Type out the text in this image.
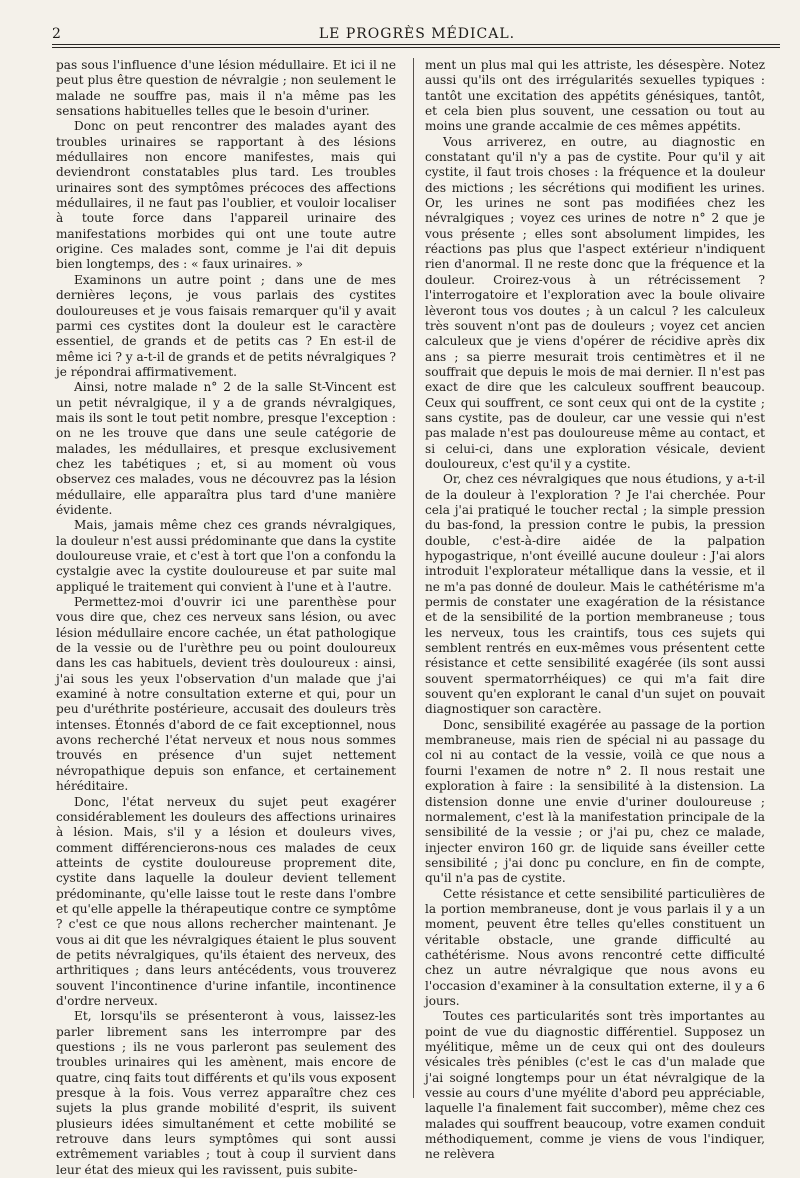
2	LE PROGRÈS MÉDICAL.

pas sous l'influence d'une lésion médullaire. Et ici il ne peut plus être question de névralgie ; non seulement le malade ne souffre pas, mais il n'a même pas les sensations habituelles telles que le besoin d'uriner.

Donc on peut rencontrer des malades ayant des troubles urinaires se rapportant à des lésions médullaires non encore manifestes, mais qui deviendront constatables plus tard. Les troubles urinaires sont des symptômes précoces des affections médullaires, il ne faut pas l'oublier, et vouloir localiser à toute force dans l'appareil urinaire des manifestations morbides qui ont une toute autre origine. Ces malades sont, comme je l'ai dit depuis bien longtemps, des : « faux urinaires. »

Examinons un autre point ; dans une de mes dernières leçons, je vous parlais des cystites douloureuses et je vous faisais remarquer qu'il y avait parmi ces cystites dont la douleur est le caractère essentiel, de grands et de petits cas ? En est-il de même ici ? y a-t-il de grands et de petits névralgiques ? je répondrai affirmativement.

Ainsi, notre malade n° 2 de la salle St-Vincent est un petit névralgique, il y a de grands névralgiques, mais ils sont le tout petit nombre, presque l'exception : on ne les trouve que dans une seule catégorie de malades, les médullaires, et presque exclusivement chez les tabétiques ; et, si au moment où vous observez ces malades, vous ne découvrez pas la lésion médullaire, elle apparaîtra plus tard d'une manière évidente.

Mais, jamais même chez ces grands névralgiques, la douleur n'est aussi prédominante que dans la cystite douloureuse vraie, et c'est à tort que l'on a confondu la cystalgie avec la cystite douloureuse et par suite mal appliqué le traitement qui convient à l'une et à l'autre.

Permettez-moi d'ouvrir ici une parenthèse pour vous dire que, chez ces nerveux sans lésion, ou avec lésion médullaire encore cachée, un état pathologique de la vessie ou de l'urèthre peu ou point douloureux dans les cas habituels, devient très douloureux : ainsi, j'ai sous les yeux l'observation d'un malade que j'ai examiné à notre consultation externe et qui, pour un peu d'uréthrite postérieure, accusait des douleurs très intenses. Étonnés d'abord de ce fait exceptionnel, nous avons recherché l'état nerveux et nous nous sommes trouvés en présence d'un sujet nettement névropathique depuis son enfance, et certainement héréditaire.

Donc, l'état nerveux du sujet peut exagérer considérablement les douleurs des affections urinaires à lésion. Mais, s'il y a lésion et douleurs vives, comment différencierons-nous ces malades de ceux atteints de cystite douloureuse proprement dite, cystite dans laquelle la douleur devient tellement prédominante, qu'elle laisse tout le reste dans l'ombre et qu'elle appelle la thérapeutique contre ce symptôme ? c'est ce que nous allons rechercher maintenant. Je vous ai dit que les névralgiques étaient le plus souvent de petits névralgiques, qu'ils étaient des nerveux, des arthritiques ; dans leurs antécédents, vous trouverez souvent l'incontinence d'urine infantile, incontinence d'ordre nerveux.

Et, lorsqu'ils se présenteront à vous, laissez-les parler librement sans les interrompre par des questions ; ils ne vous parleront pas seulement des troubles urinaires qui les amènent, mais encore de quatre, cinq faits tout différents et qu'ils vous exposent presque à la fois. Vous verrez apparaître chez ces sujets la plus grande mobilité d'esprit, ils suivent plusieurs idées simultanément et cette mobilité se retrouve dans leurs symptômes qui sont aussi extrêmement variables ; tout à coup il survient dans leur état des mieux qui les ravissent, puis subite-

ment un plus mal qui les attriste, les désespère. Notez aussi qu'ils ont des irrégularités sexuelles typiques : tantôt une excitation des appétits génésiques, tantôt, et cela bien plus souvent, une cessation ou tout au moins une grande accalmie de ces mêmes appétits.

Vous arriverez, en outre, au diagnostic en constatant qu'il n'y a pas de cystite. Pour qu'il y ait cystite, il faut trois choses : la fréquence et la douleur des mictions ; les sécrétions qui modifient les urines. Or, les urines ne sont pas modifiées chez les névralgiques ; voyez ces urines de notre n° 2 que je vous présente ; elles sont absolument limpides, les réactions pas plus que l'aspect extérieur n'indiquent rien d'anormal. Il ne reste donc que la fréquence et la douleur. Croirez-vous à un rétrécissement ? l'interrogatoire et l'exploration avec la boule olivaire lèveront tous vos doutes ; à un calcul ? les calculeux très souvent n'ont pas de douleurs ; voyez cet ancien calculeux que je viens d'opérer de récidive après dix ans ; sa pierre mesurait trois centimètres et il ne souffrait que depuis le mois de mai dernier. Il n'est pas exact de dire que les calculeux souffrent beaucoup. Ceux qui souffrent, ce sont ceux qui ont de la cystite ; sans cystite, pas de douleur, car une vessie qui n'est pas malade n'est pas douloureuse même au contact, et si celui-ci, dans une exploration vésicale, devient douloureux, c'est qu'il y a cystite.

Or, chez ces névralgiques que nous étudions, y a-t-il de la douleur à l'exploration ? Je l'ai cherchée. Pour cela j'ai pratiqué le toucher rectal ; la simple pression du bas-fond, la pression contre le pubis, la pression double, c'est-à-dire aidée de la palpation hypogastrique, n'ont éveillé aucune douleur : J'ai alors introduit l'explorateur métallique dans la vessie, et il ne m'a pas donné de douleur. Mais le cathétérisme m'a permis de constater une exagération de la résistance et de la sensibilité de la portion membraneuse ; tous les nerveux, tous les craintifs, tous ces sujets qui semblent rentrés en eux-mêmes vous présentent cette résistance et cette sensibilité exagérée (ils sont aussi souvent spermatorrhéiques) ce qui m'a fait dire souvent qu'en explorant le canal d'un sujet on pouvait diagnostiquer son caractère.

Donc, sensibilité exagérée au passage de la portion membraneuse, mais rien de spécial ni au passage du col ni au contact de la vessie, voilà ce que nous a fourni l'examen de notre n° 2. Il nous restait une exploration à faire : la sensibilité à la distension. La distension donne une envie d'uriner douloureuse ; normalement, c'est là la manifestation principale de la sensibilité de la vessie ; or j'ai pu, chez ce malade, injecter environ 160 gr. de liquide sans éveiller cette sensibilité ; j'ai donc pu conclure, en fin de compte, qu'il n'a pas de cystite.

Cette résistance et cette sensibilité particulières de la portion membraneuse, dont je vous parlais il y a un moment, peuvent être telles qu'elles constituent un véritable obstacle, une grande difficulté au cathétérisme. Nous avons rencontré cette difficulté chez un autre névralgique que nous avons eu l'occasion d'examiner à la consultation externe, il y a 6 jours.

Toutes ces particularités sont très importantes au point de vue du diagnostic différentiel. Supposez un myélitique, même un de ceux qui ont des douleurs vésicales très pénibles (c'est le cas d'un malade que j'ai soigné longtemps pour un état névralgique de la vessie au cours d'une myélite d'abord peu appréciable, laquelle l'a finalement fait succomber), même chez ces malades qui souffrent beaucoup, votre examen conduit méthodiquement, comme je viens de vous l'indiquer, ne relèvera
